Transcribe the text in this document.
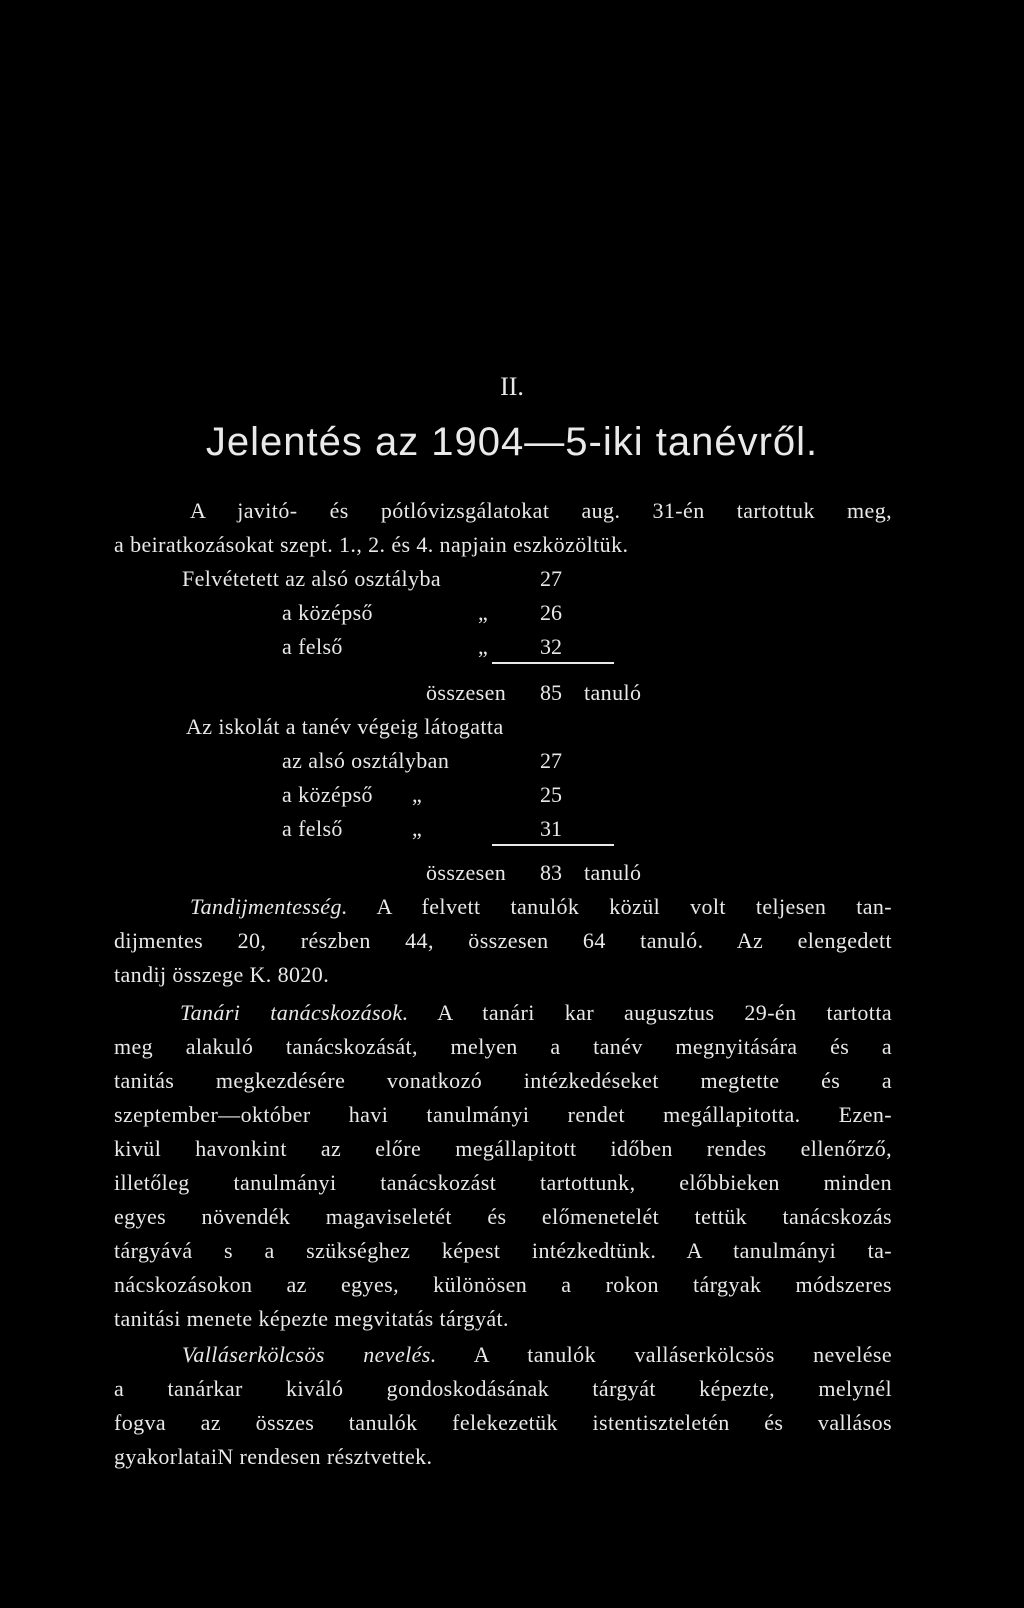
II.
Jelentés az 1904—5-iki tanévről.
A javitó- és pótlóvizsgálatokat aug. 31-én tartottuk meg,
a beiratkozásokat szept. 1., 2. és 4. napjain eszközöltük.
Felvétetett az alsó osztályba	27
a középső	„ 26
a felső	„ 32
összesen 85 tanuló
Az iskolát a tanév végeig látogatta
az alsó osztályban	27
a középső „	25
a felső	„	31
összesen 83 tanuló
Tandijmentesség. A felvett tanulók közül volt teljesen tan-
dijmentes 20, részben 44, összesen 64 tanuló. Az elengedett
tandij összege K. 8020.
Tanári tanácskozások. A tanári kar augusztus 29-én tartotta
meg alakuló tanácskozását, melyen a tanév megnyitására és a
tanitás megkezdésére vonatkozó intézkedéseket megtette és a
szeptember—október havi tanulmányi rendet megállapitotta. Ezen-
kivül havonkint az előre megállapitott időben rendes ellenőrző,
illetőleg tanulmányi tanácskozást tartottunk, előbbieken minden
egyes növendék magaviseletét és előmenetelét tettük tanácskozás
tárgyává s a szükséghez képest intézkedtünk. A tanulmányi ta-
nácskozásokon az egyes, különösen a rokon tárgyak módszeres
tanitási menete képezte megvitatás tárgyát.
Valláserkölcsös nevelés. A tanulók valláserkölcsös nevelése
a tanárkar kiváló gondoskodásának tárgyát képezte, melynél
fogva az összes tanulók felekezetük istentiszteletén és vallásos
gyakorlataiN rendesen résztvettek.
